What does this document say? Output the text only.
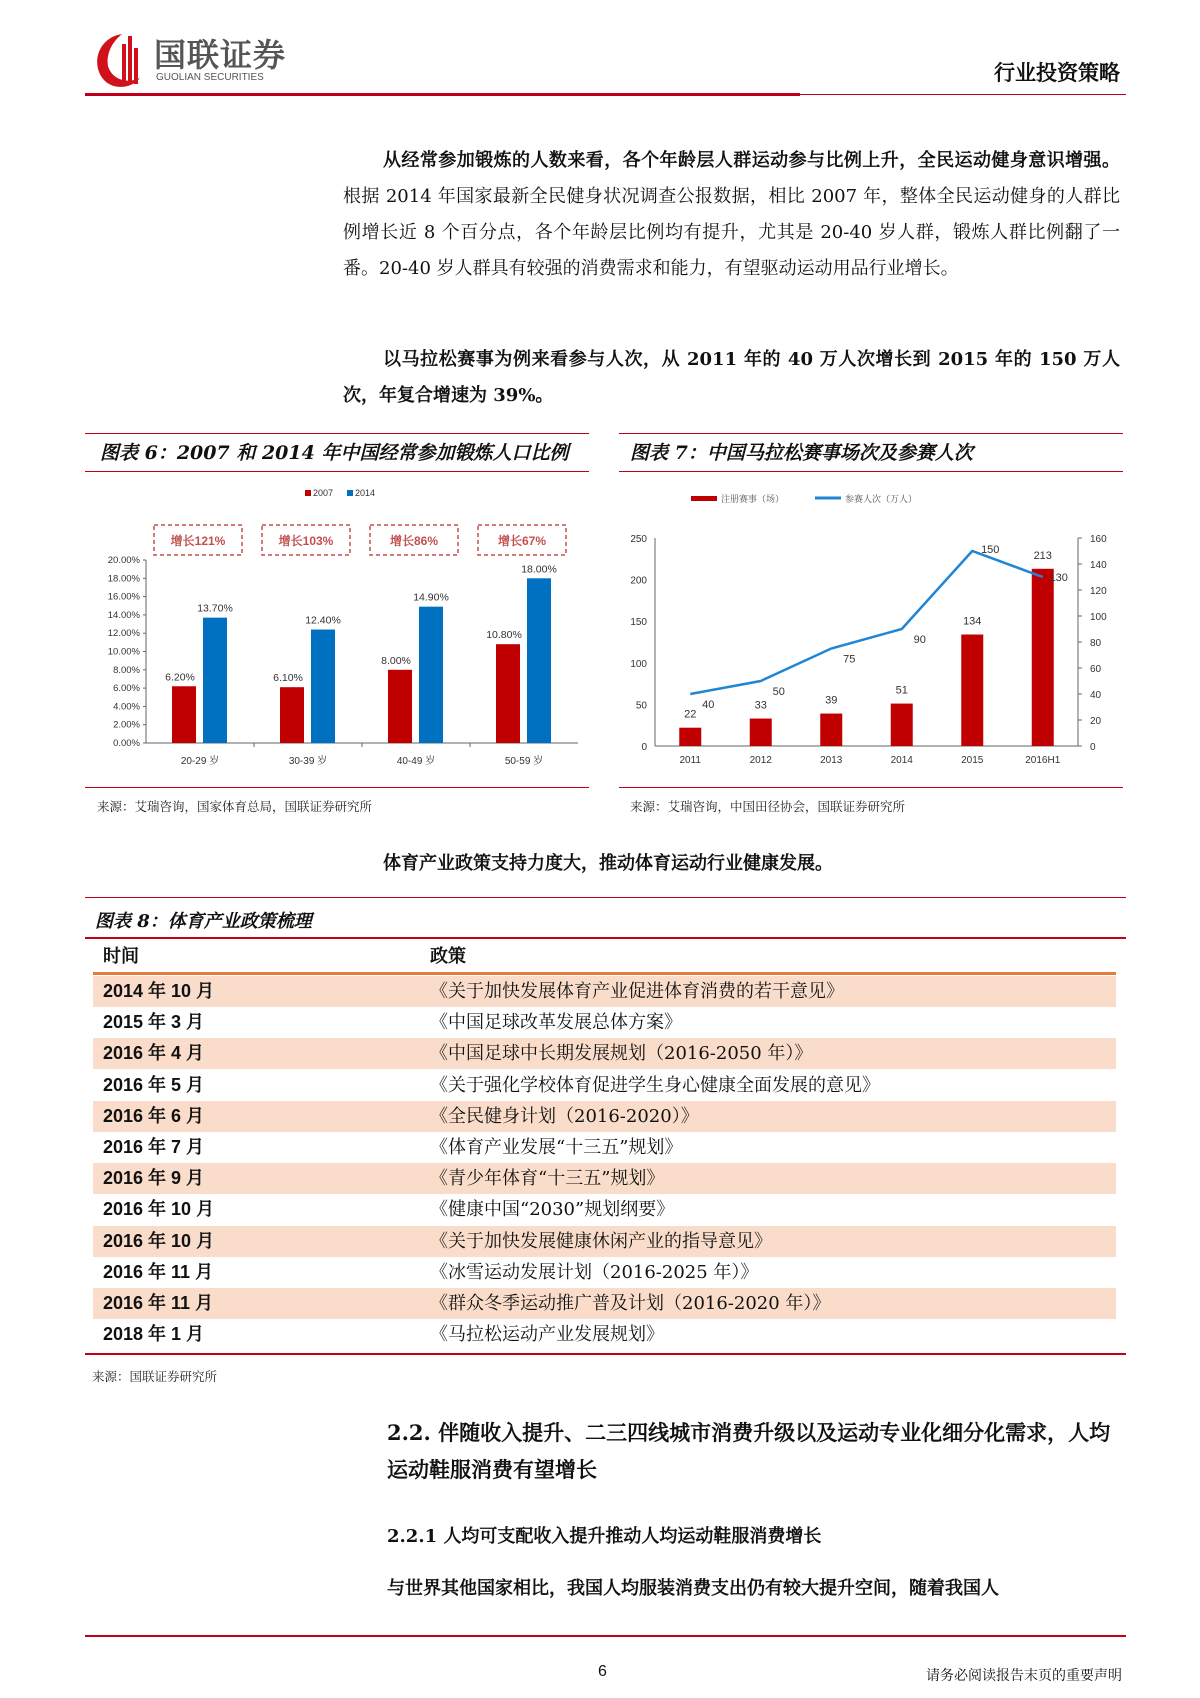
国联证券
GUOLIAN SECURITIES	行业投资策略
从经常参加锻炼的人数来看，各个年龄层人群运动参与比例上升，全民运动健身意识增强。根据 2014 年国家最新全民健身状况调查公报数据，相比 2007 年，整体全民运动健身的人群比例增长近 8 个百分点，各个年龄层比例均有提升，尤其是 20-40 岁人群，锻炼人群比例翻了一番。20-40 岁人群具有较强的消费需求和能力，有望驱动运动用品行业增长。
以马拉松赛事为例来看参与人次，从 2011 年的 40 万人次增长到 2015 年的 150 万人次，年复合增速为 39%。
图表 6：2007 和 2014 年中国经常参加锻炼人口比例
0.00%
2.00%
4.00%
6.00%
8.00%
10.00%
12.00%
14.00%
16.00%
18.00%
20.00%
20-29 岁
6.20%
13.70%
增长121%
30-39 岁
6.10%
12.40%
增长103%
40-49 岁
8.00%
14.90%
增长86%
50-59 岁
10.80%
18.00%
增长67%
2007 2014
来源：艾瑞咨询，国家体育总局，国联证券研究所
图表 7：中国马拉松赛事场次及参赛人次
0
50
100
150
200
250
0
20
40
60
80
100
120
140
160
2011
22
2012
33
2013
39
2014
51
2015
134
2016H1
213
40
50
75
90
150
130
注册赛事（场）	参赛人次（万人）
来源：艾瑞咨询，中国田径协会，国联证券研究所
体育产业政策支持力度大，推动体育运动行业健康发展。
图表 8：体育产业政策梳理
时间	政策
2014 年 10 月	《关于加快发展体育产业促进体育消费的若干意见》
2015 年 3 月	《中国足球改革发展总体方案》
2016 年 4 月	《中国足球中长期发展规划（2016-2050 年）》
2016 年 5 月	《关于强化学校体育促进学生身心健康全面发展的意见》
2016 年 6 月	《全民健身计划（2016-2020）》
2016 年 7 月	《体育产业发展“十三五”规划》
2016 年 9 月	《青少年体育“十三五”规划》
2016 年 10 月	《健康中国“2030”规划纲要》
2016 年 10 月	《关于加快发展健康休闲产业的指导意见》
2016 年 11 月	《冰雪运动发展计划（2016-2025 年）》
2016 年 11 月	《群众冬季运动推广普及计划（2016-2020 年）》
2018 年 1 月	《马拉松运动产业发展规划》
来源：国联证券研究所
2.2. 伴随收入提升、二三四线城市消费升级以及运动专业化细分化需求，人均运动鞋服消费有望增长
2.2.1 人均可支配收入提升推动人均运动鞋服消费增长
与世界其他国家相比，我国人均服装消费支出仍有较大提升空间，随着我国人
6	请务必阅读报告末页的重要声明
